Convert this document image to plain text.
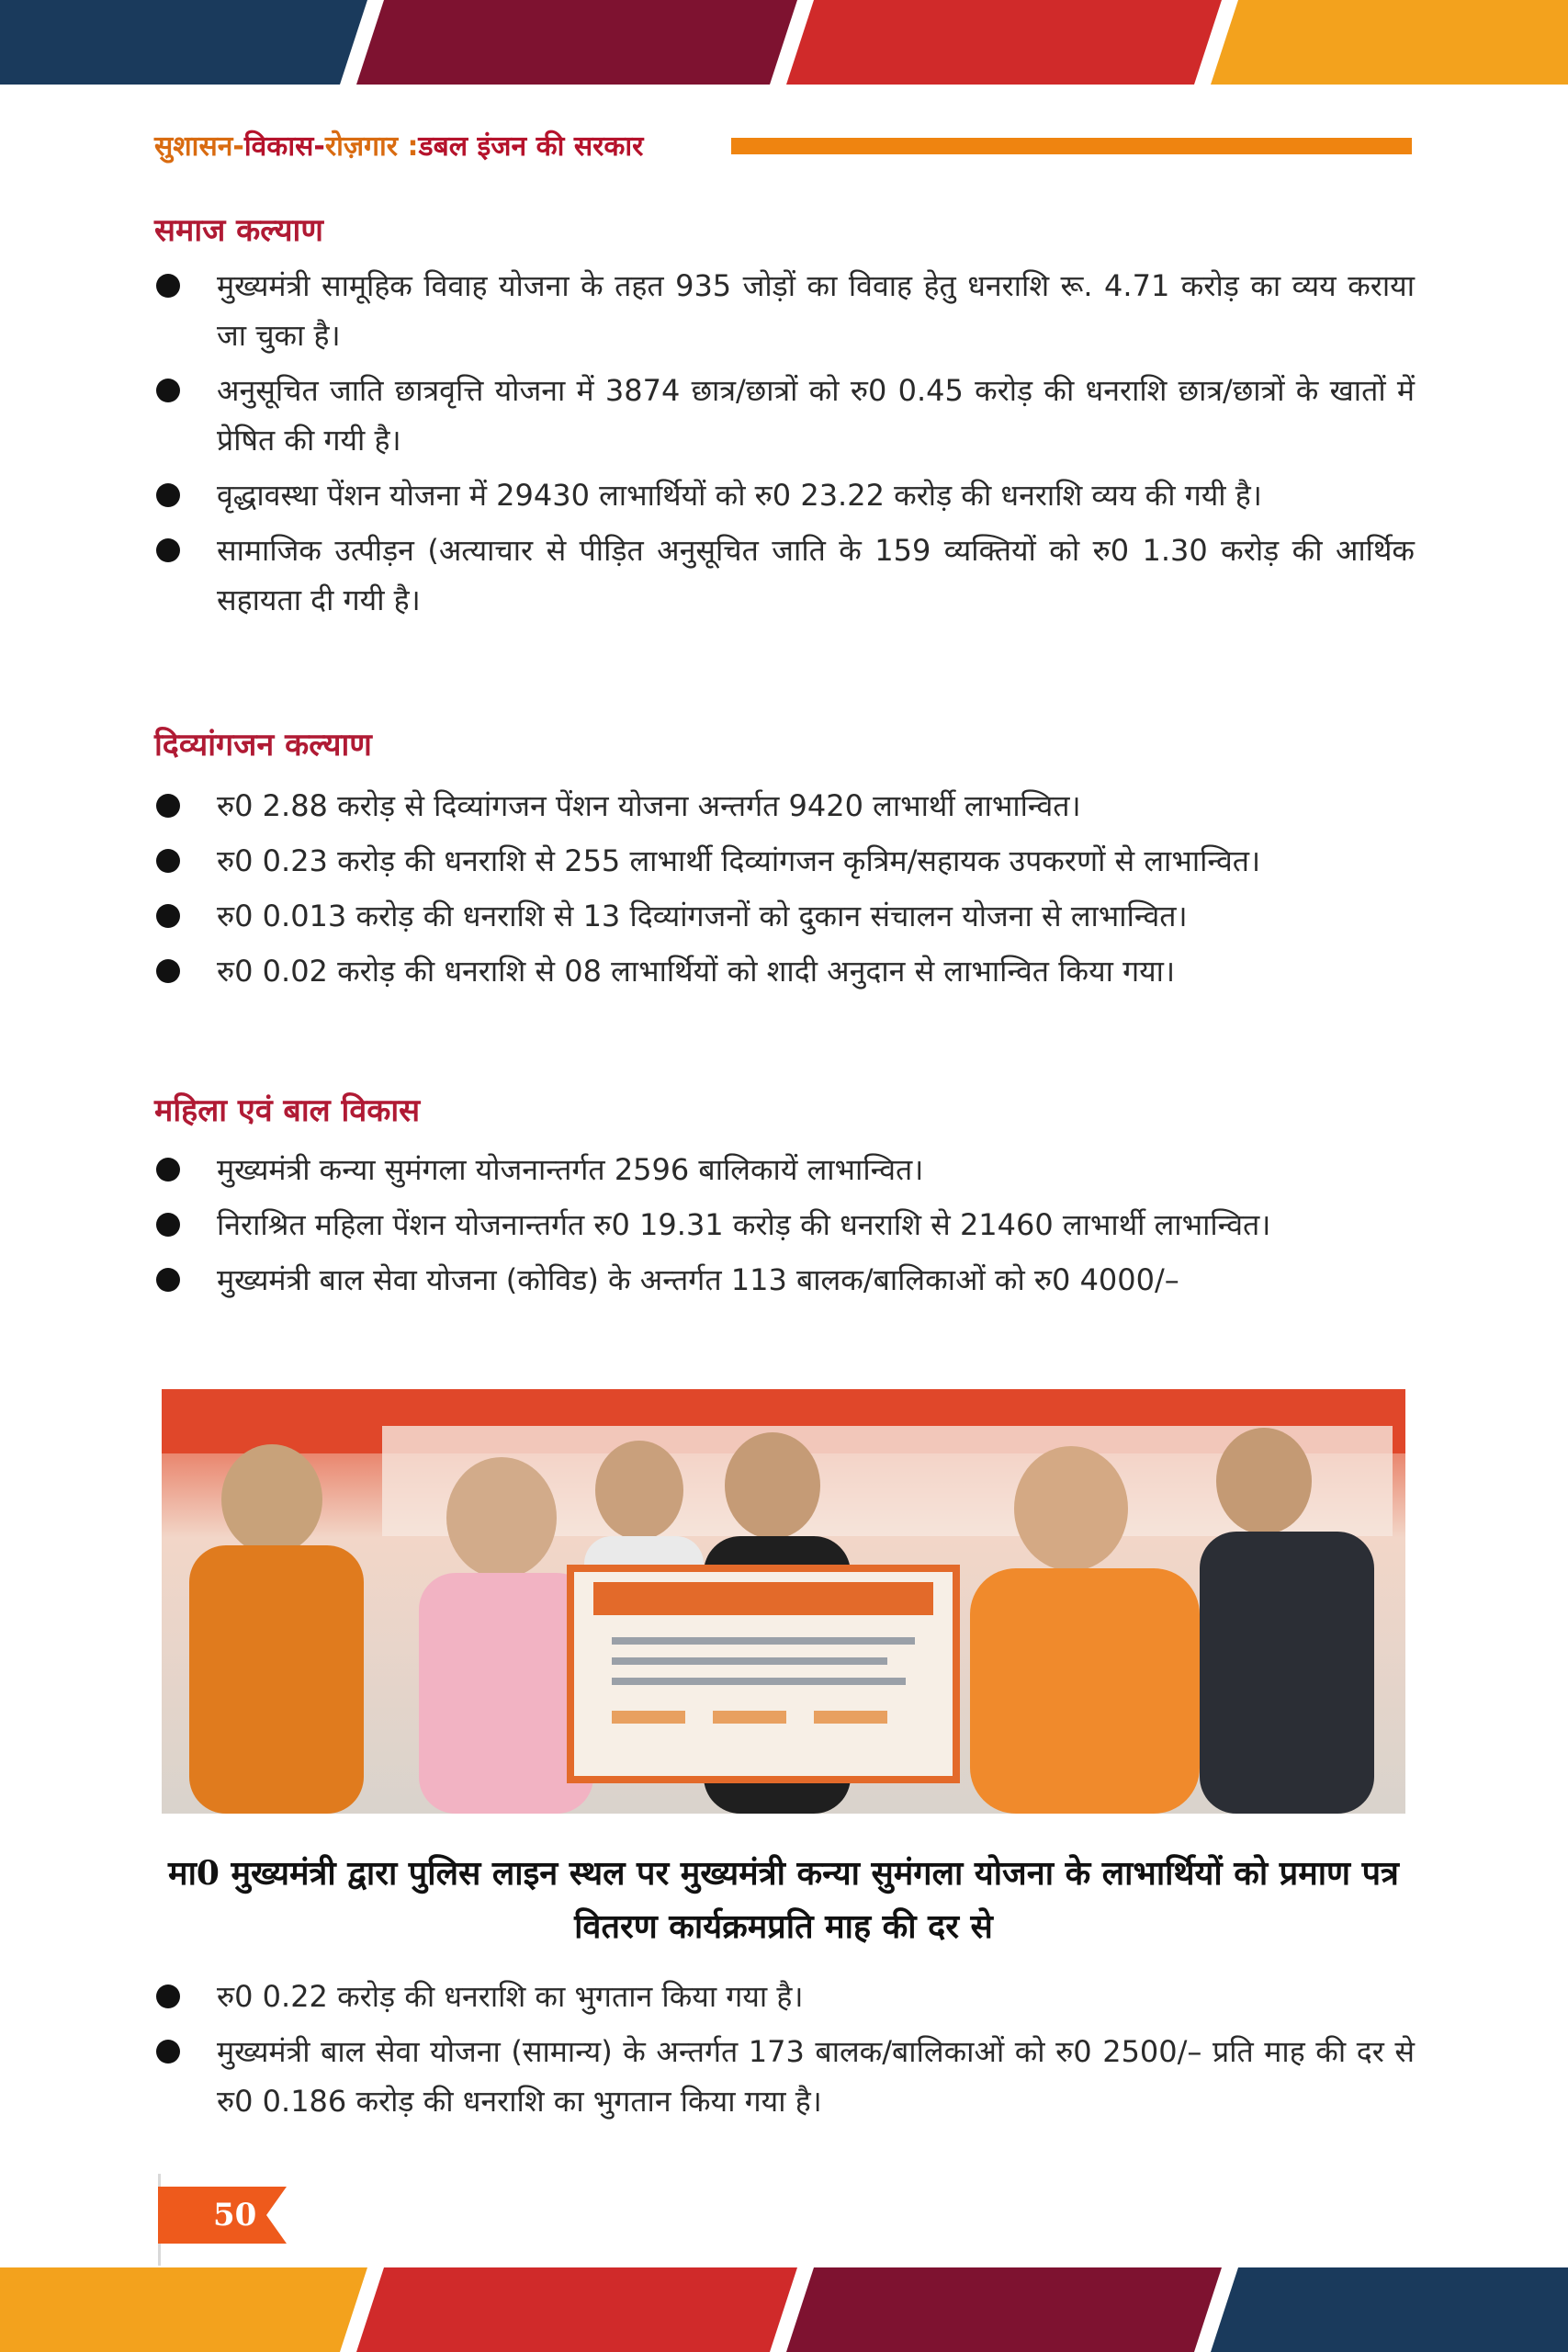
सुशासन- विकास- रोज़गार : डबल इंजन की सरकार
समाज कल्याण
मुख्यमंत्री सामूहिक विवाह योजना के तहत 935 जोड़ों का विवाह हेतु धनराशि रू. 4.71 करोड़ का व्यय कराया जा चुका है।
अनुसूचित जाति छात्रवृत्ति योजना में 3874 छात्र/छात्रों को रु0 0.45 करोड़ की धनराशि छात्र/छात्रों के खातों में प्रेषित की गयी है।
वृद्धावस्था पेंशन योजना में 29430 लाभार्थियों को रु0 23.22 करोड़ की धनराशि व्यय की गयी है।
सामाजिक उत्पीड़न (अत्याचार से पीड़ित अनुसूचित जाति के 159 व्यक्तियों को रु0 1.30 करोड़ की आर्थिक सहायता दी गयी है।
दिव्यांगजन कल्याण
रु0 2.88 करोड़ से दिव्यांगजन पेंशन योजना अन्तर्गत 9420 लाभार्थी लाभान्वित।
रु0 0.23 करोड़ की धनराशि से 255 लाभार्थी दिव्यांगजन कृत्रिम/सहायक उपकरणों से लाभान्वित।
रु0 0.013 करोड़ की धनराशि से 13 दिव्यांगजनों को दुकान संचालन योजना से लाभान्वित।
रु0 0.02 करोड़ की धनराशि से 08 लाभार्थियों को शादी अनुदान से लाभान्वित किया गया।
महिला एवं बाल विकास
मुख्यमंत्री कन्या सुमंगला योजनान्तर्गत 2596 बालिकायें लाभान्वित।
निराश्रित महिला पेंशन योजनान्तर्गत रु0 19.31 करोड़ की धनराशि से 21460 लाभार्थी लाभान्वित।
मुख्यमंत्री बाल सेवा योजना (कोविड) के अन्तर्गत 113 बालक/बालिकाओं को रु0 4000/–
मा0 मुख्यमंत्री द्वारा पुलिस लाइन स्थल पर मुख्यमंत्री कन्या सुमंगला योजना के लाभार्थियों को प्रमाण पत्र वितरण कार्यक्रमप्रति माह की दर से
रु0 0.22 करोड़ की धनराशि का भुगतान किया गया है।
मुख्यमंत्री बाल सेवा योजना (सामान्य) के अन्तर्गत 173 बालक/बालिकाओं को रु0 2500/– प्रति माह की दर से रु0 0.186 करोड़ की धनराशि का भुगतान किया गया है।
50
